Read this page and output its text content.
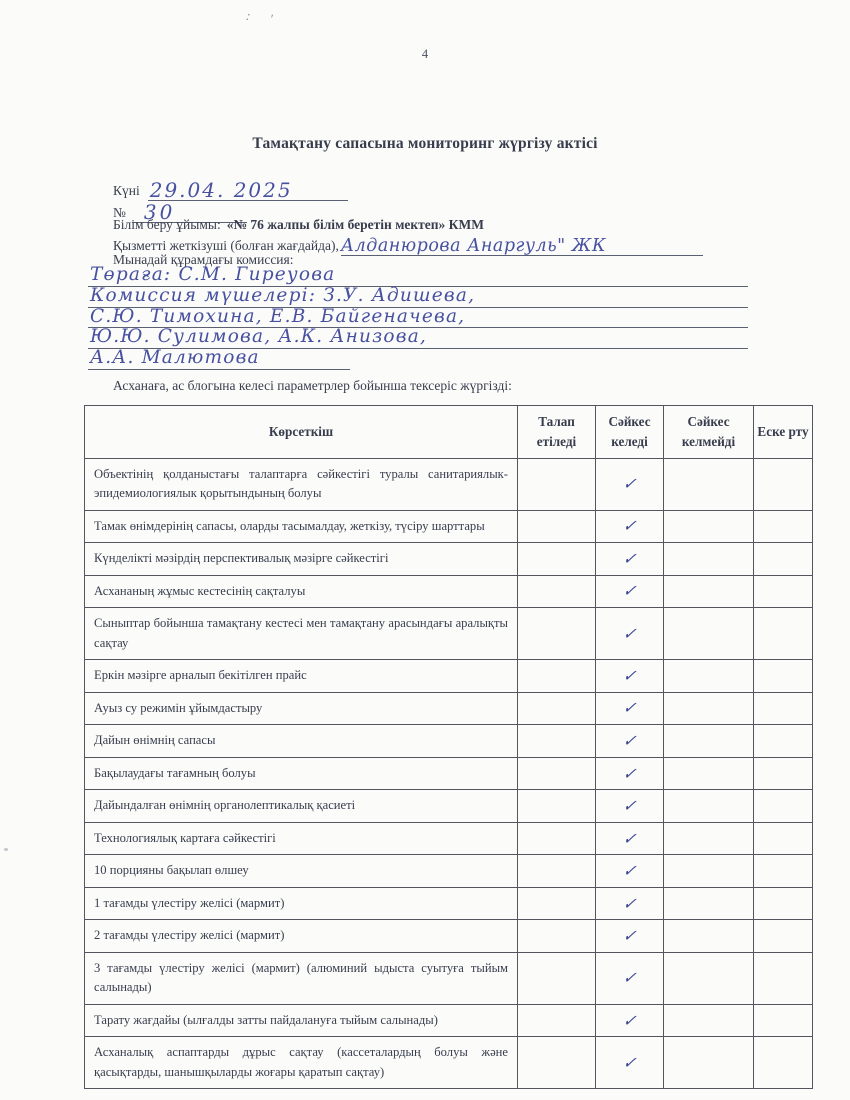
4
: ʹ
Тамақтану сапасына мониторинг жүргізу актісі
Күні 29.04. 2025
№ 30
Білім беру ұйымы: «№ 76 жалпы білім беретін мектеп» КММ
Қызметті жеткізуші (болған жағдайда), Алданюрова Анаргуль" ЖК
Мынадай құрамдағы комиссия:
Төраға: С.М. Гиреуова
Комиссия мүшелері: З.У. Адишева,
С.Ю. Тимохина, Е.В. Байгеначева,
Ю.Ю. Сулимова, А.К. Анизова,
А.А. Малютова
Асханаға, ас блогына келесі параметрлер бойынша тексеріс жүргізді:
Көрсеткіш	Талап етіледі	Сәйкес келеді	Сәйкес келмейді	Еске рту
Объектінің қолданыстағы талаптарға сәйкестігі туралы санитариялык-эпидемиологиялык қорытындының болуы		✓		
Тамак өнімдерінің сапасы, оларды тасымалдау, жеткізу, түсіру шарттары		✓		
Күнделікті мәзірдің перспективалық мәзірге сәйкестігі		✓		
Асхананың жұмыс кестесінің сақталуы		✓		
Сыныптар бойынша тамақтану кестесі мен тамақтану арасындағы аралықты сақтау		✓		
Еркін мәзірге арналып бекітілген прайс		✓		
Ауыз су режимін ұйымдастыру		✓		
Дайын өнімнің сапасы		✓		
Бақылаудағы тағамның болуы		✓		
Дайындалған өнімнің органолептикалық қасиеті		✓		
Технологиялық картаға сәйкестігі		✓		
10 порцияны бақылап өлшеу		✓		
1 тағамды үлестіру желісі (мармит)		✓		
2 тағамды үлестіру желісі (мармит)		✓		
3 тағамды үлестіру желісі (мармит) (алюминий ыдыста суытуға тыйым салынады)		✓		
Тарату жағдайы (ылғалды затты пайдалануға тыйым салынады)		✓		
Асханалық аспаптарды дұрыс сақтау (кассеталардың болуы және қасықтарды, шанышқыларды жоғары қаратып сақтау)		✓		
